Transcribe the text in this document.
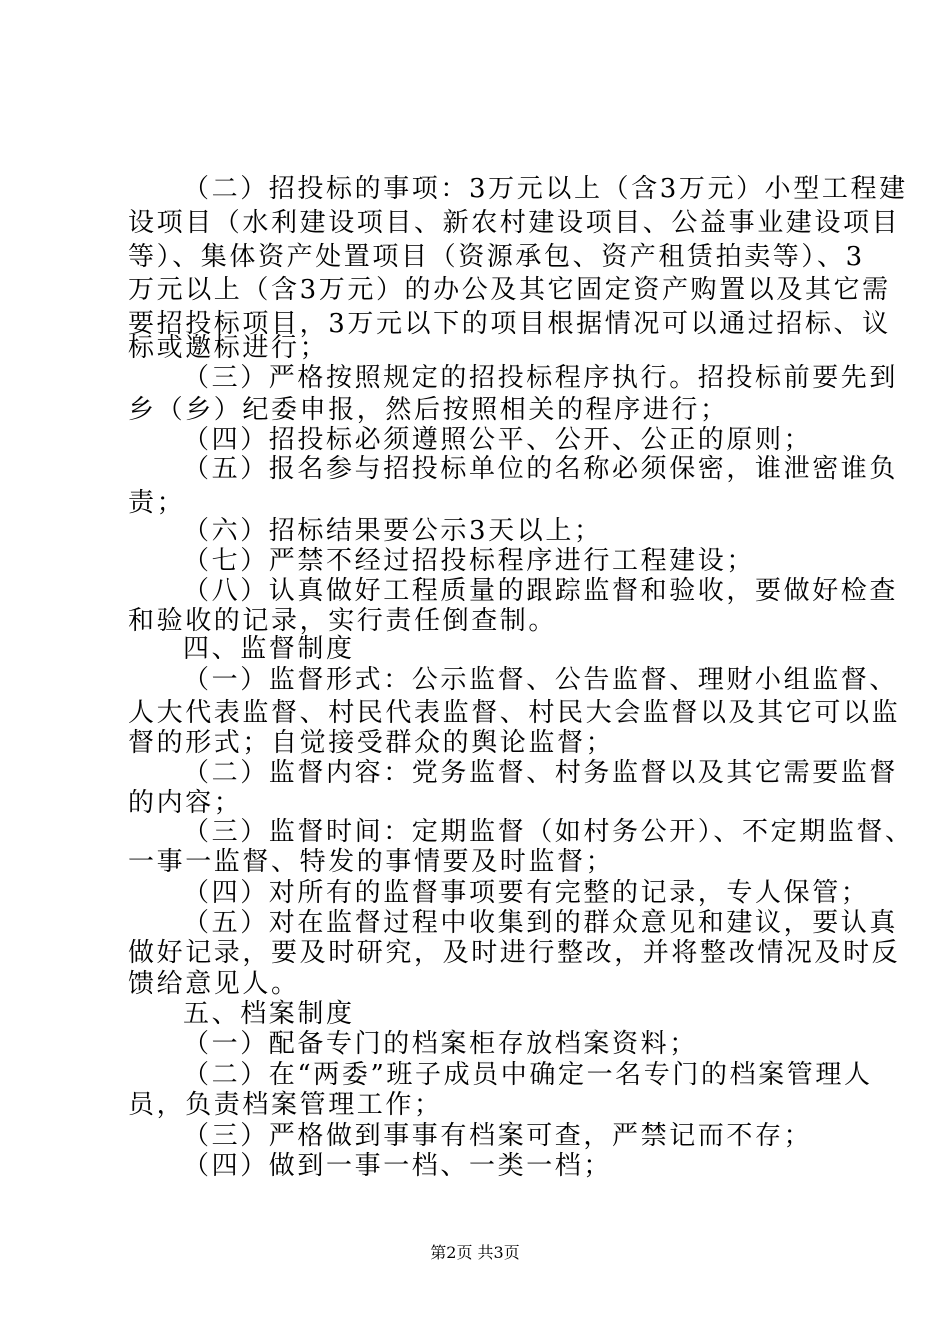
（二）招投标的事项：3万元以上（含3万元）小型工程建
设项目（水利建设项目、新农村建设项目、公益事业建设项目
等）、集体资产处置项目（资源承包、资产租赁拍卖等）、3
万元以上（含3万元）的办公及其它固定资产购置以及其它需
要招投标项目，3万元以下的项目根据情况可以通过招标、议
标或邀标进行；
（三）严格按照规定的招投标程序执行。招投标前要先到
乡（乡）纪委申报，然后按照相关的程序进行；
（四）招投标必须遵照公平、公开、公正的原则；
（五）报名参与招投标单位的名称必须保密，谁泄密谁负
责；
（六）招标结果要公示3天以上；
（七）严禁不经过招投标程序进行工程建设；
（八）认真做好工程质量的跟踪监督和验收，要做好检查
和验收的记录，实行责任倒查制。
四、监督制度
（一）监督形式：公示监督、公告监督、理财小组监督、
人大代表监督、村民代表监督、村民大会监督以及其它可以监
督的形式；自觉接受群众的舆论监督；
（二）监督内容：党务监督、村务监督以及其它需要监督
的内容；
（三）监督时间：定期监督（如村务公开）、不定期监督、
一事一监督、特发的事情要及时监督；
（四）对所有的监督事项要有完整的记录，专人保管；
（五）对在监督过程中收集到的群众意见和建议，要认真
做好记录，要及时研究，及时进行整改，并将整改情况及时反
馈给意见人。
五、档案制度
（一）配备专门的档案柜存放档案资料；
（二）在“两委”班子成员中确定一名专门的档案管理人
员，负责档案管理工作；
（三）严格做到事事有档案可查，严禁记而不存；
（四）做到一事一档、一类一档；
第2页 共3页
